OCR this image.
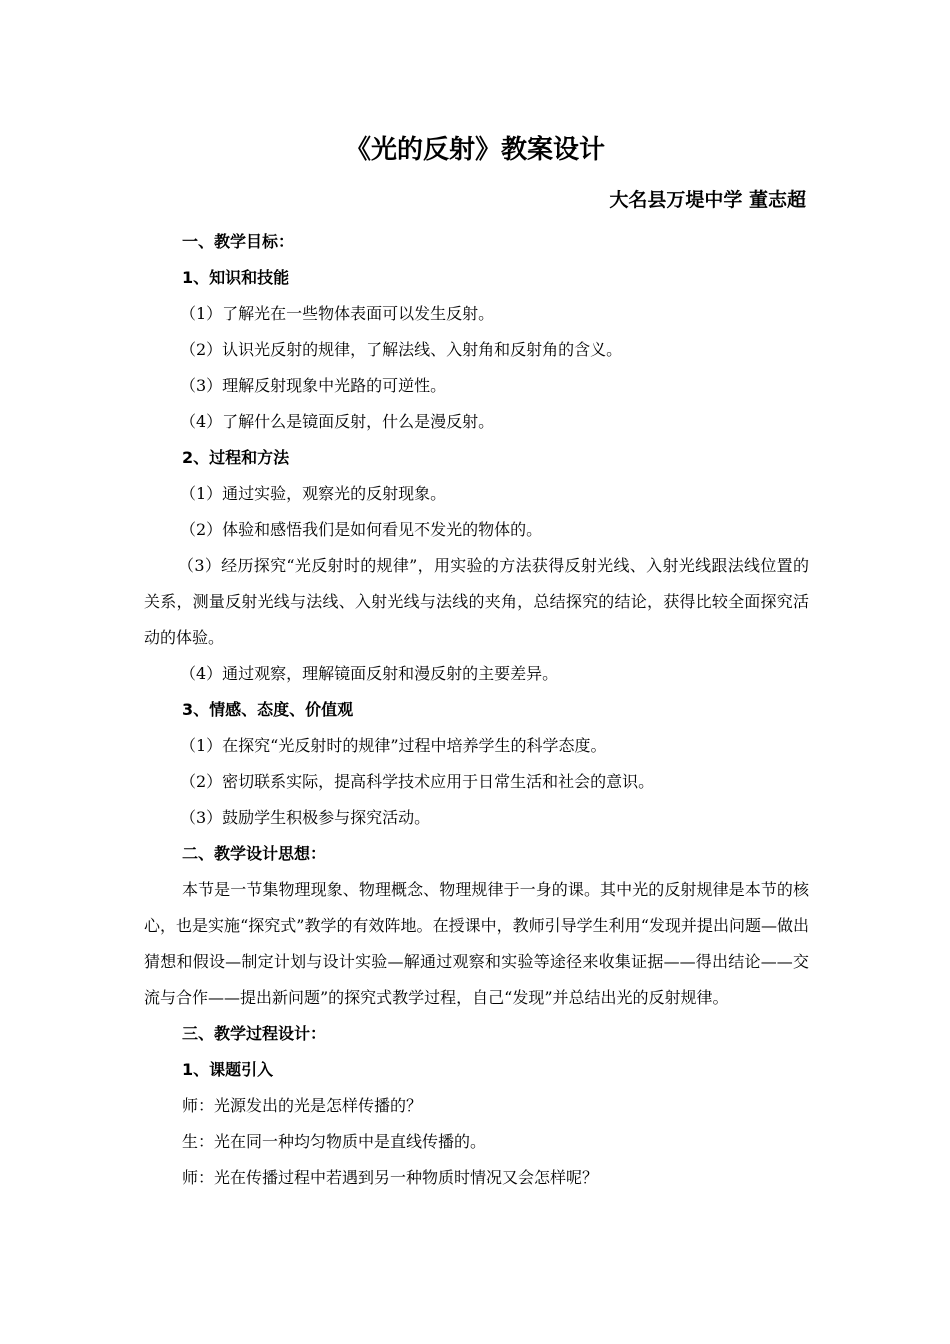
《光的反射》教案设计
大名县万堤中学 董志超
一、教学目标：
1、知识和技能
（1）了解光在一些物体表面可以发生反射。
（2）认识光反射的规律，了解法线、入射角和反射角的含义。
（3）理解反射现象中光路的可逆性。
（4）了解什么是镜面反射，什么是漫反射。
2、过程和方法
（1）通过实验，观察光的反射现象。
（2）体验和感悟我们是如何看见不发光的物体的。
（3）经历探究“光反射时的规律”，用实验的方法获得反射光线、入射光线跟法线位置的关系，测量反射光线与法线、入射光线与法线的夹角，总结探究的结论，获得比较全面探究活动的体验。
（4）通过观察，理解镜面反射和漫反射的主要差异。
3、情感、态度、价值观
（1）在探究“光反射时的规律”过程中培养学生的科学态度。
（2）密切联系实际，提高科学技术应用于日常生活和社会的意识。
（3）鼓励学生积极参与探究活动。
二、教学设计思想：
本节是一节集物理现象、物理概念、物理规律于一身的课。其中光的反射规律是本节的核心，也是实施“探究式”教学的有效阵地。在授课中，教师引导学生利用“发现并提出问题—做出猜想和假设—制定计划与设计实验—解通过观察和实验等途径来收集证据——得出结论——交流与合作——提出新问题”的探究式教学过程，自己“发现”并总结出光的反射规律。
三、教学过程设计：
1、课题引入
师：光源发出的光是怎样传播的？
生：光在同一种均匀物质中是直线传播的。
师：光在传播过程中若遇到另一种物质时情况又会怎样呢？
